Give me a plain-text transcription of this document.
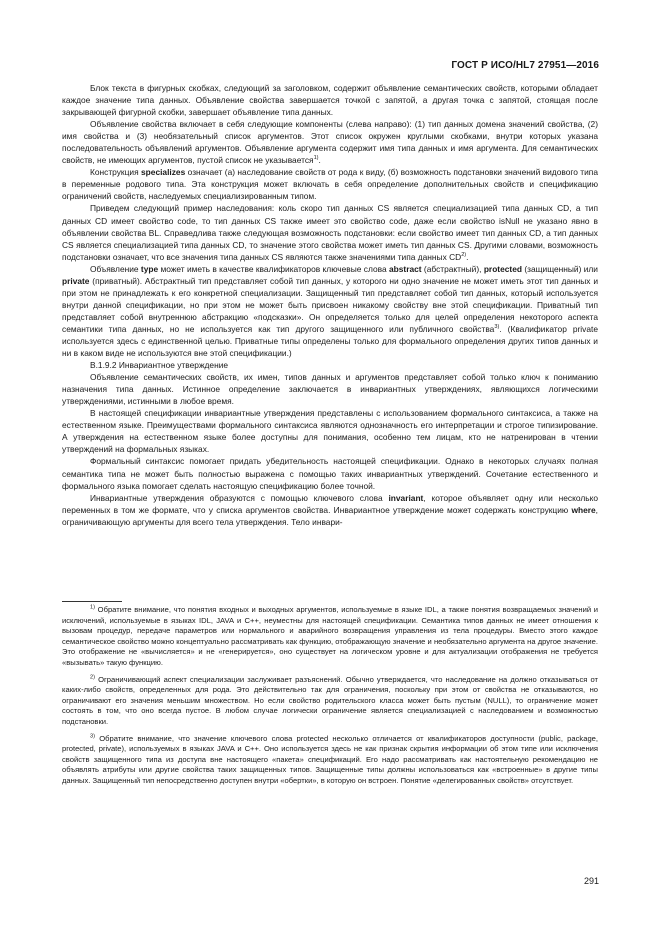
ГОСТ Р ИСО/HL7 27951—2016

Блок текста в фигурных скобках, следующий за заголовком, содержит объявление семантических свойств, которыми обладает каждое значение типа данных. Объявление свойства завершается точкой с запятой, а другая точка с запятой, стоящая после закрывающей фигурной скобки, завершает объявление типа данных.

Объявление свойства включает в себя следующие компоненты (слева направо): (1) тип данных домена значений свойства, (2) имя свойства и (3) необязательный список аргументов. Этот список окружен круглыми скобками, внутри которых указана последовательность объявлений аргументов. Объявление аргумента содержит имя типа данных и имя аргумента. Для семантических свойств, не имеющих аргументов, пустой список не указывается$^{1)}$.

Конструкция specializes означает (а) наследование свойств от рода к виду, (б) возможность подстановки значений видового типа в переменные родового типа. Эта конструкция может включать в себя определение дополнительных свойств и спецификацию ограничений свойств, наследуемых специализированным типом.

Приведем следующий пример наследования: коль скоро тип данных CS является специализацией типа данных CD, а тип данных CD имеет свойство code, то тип данных CS также имеет это свойство code, даже если свойство isNull не указано явно в объявлении свойства BL. Справедлива также следующая возможность подстановки: если свойство имеет тип данных CD, а тип данных CS является специализацией типа данных CD, то значение этого свойства может иметь тип данных CS. Другими словами, возможность подстановки означает, что все значения типа данных CS являются также значениями типа данных CD$^{2)}$.

Объявление type может иметь в качестве квалификаторов ключевые слова abstract (абстрактный), protected (защищенный) или private (приватный). Абстрактный тип представляет собой тип данных, у которого ни одно значение не может иметь этот тип данных и при этом не принадлежать к его конкретной специализации. Защищенный тип представляет собой тип данных, который используется внутри данной спецификации, но при этом не может быть присвоен никакому свойству вне этой спецификации. Приватный тип представляет собой внутреннюю абстракцию «подсказки». Он определяется только для целей определения некоторого аспекта семантики типа данных, но не используется как тип другого защищенного или публичного свойства$^{3)}$. (Квалификатор private используется здесь с единственной целью. Приватные типы определены только для формального определения других типов данных и ни в каком виде не используются вне этой спецификации.)

В.1.9.2 Инвариантное утверждение

Объявление семантических свойств, их имен, типов данных и аргументов представляет собой только ключ к пониманию назначения типа данных. Истинное определение заключается в инвариантных утверждениях, являющихся логическими утверждениями, истинными в любое время.

В настоящей спецификации инвариантные утверждения представлены с использованием формального синтаксиса, а также на естественном языке. Преимуществами формального синтаксиса являются однозначность его интерпретации и строгое типизирование. А утверждения на естественном языке более доступны для понимания, особенно тем лицам, кто не натренирован в чтении утверждений на формальных языках.

Формальный синтаксис помогает придать убедительность настоящей спецификации. Однако в некоторых случаях полная семантика типа не может быть полностью выражена с помощью таких инвариантных утверждений. Сочетание естественного и формального языка помогает сделать настоящую спецификацию более точной.

Инвариантные утверждения образуются с помощью ключевого слова invariant, которое объявляет одну или несколько переменных в том же формате, что у списка аргументов свойства. Инвариантное утверждение может содержать конструкцию where, ограничивающую аргументы для всего тела утверждения. Тело инвари-

$^{1)}$ Обратите внимание, что понятия входных и выходных аргументов, используемые в языке IDL, а также понятия возвращаемых значений и исключений, используемые в языках IDL, JAVA и C++, неуместны для настоящей спецификации. Семантика типов данных не имеет отношения к вызовам процедур, передаче параметров или нормального и аварийного возвращения управления из тела процедуры. Вместо этого каждое семантическое свойство можно концептуально рассматривать как функцию, отображающую значение и необязательно аргумента на другое значение. Это отображение не «вычисляется» и не «генерируется», оно существует на логическом уровне и для актуализации отображения не требуется «вызывать» такую функцию.

$^{2)}$ Ограничивающий аспект специализации заслуживает разъяснений. Обычно утверждается, что наследование на должно отказываться от каких-либо свойств, определенных для рода. Это действительно так для ограничения, поскольку при этом от свойства не отказываются, но ограничивают его значения меньшим множеством. Но если свойство родительского класса может быть пустым (NULL), то ограничение может состоять в том, что оно всегда пустое. В любом случае логически ограничение является специализацией с наследованием и возможностью подстановки.

$^{3)}$ Обратите внимание, что значение ключевого слова protected несколько отличается от квалификаторов доступности (public, package, protected, private), используемых в языках JAVA и C++. Оно используется здесь не как признак скрытия информации об этом типе или исключения свойств защищенного типа из доступа вне настоящего «пакета» спецификаций. Его надо рассматривать как настоятельную рекомендацию не объявлять атрибуты или другие свойства таких защищенных типов. Защищенные типы должны использоваться как «встроенные» в другие типы данных. Защищенный тип непосредственно доступен внутри «обертки», в которую он встроен. Понятие «делегированных свойств» отсутствует.

291
